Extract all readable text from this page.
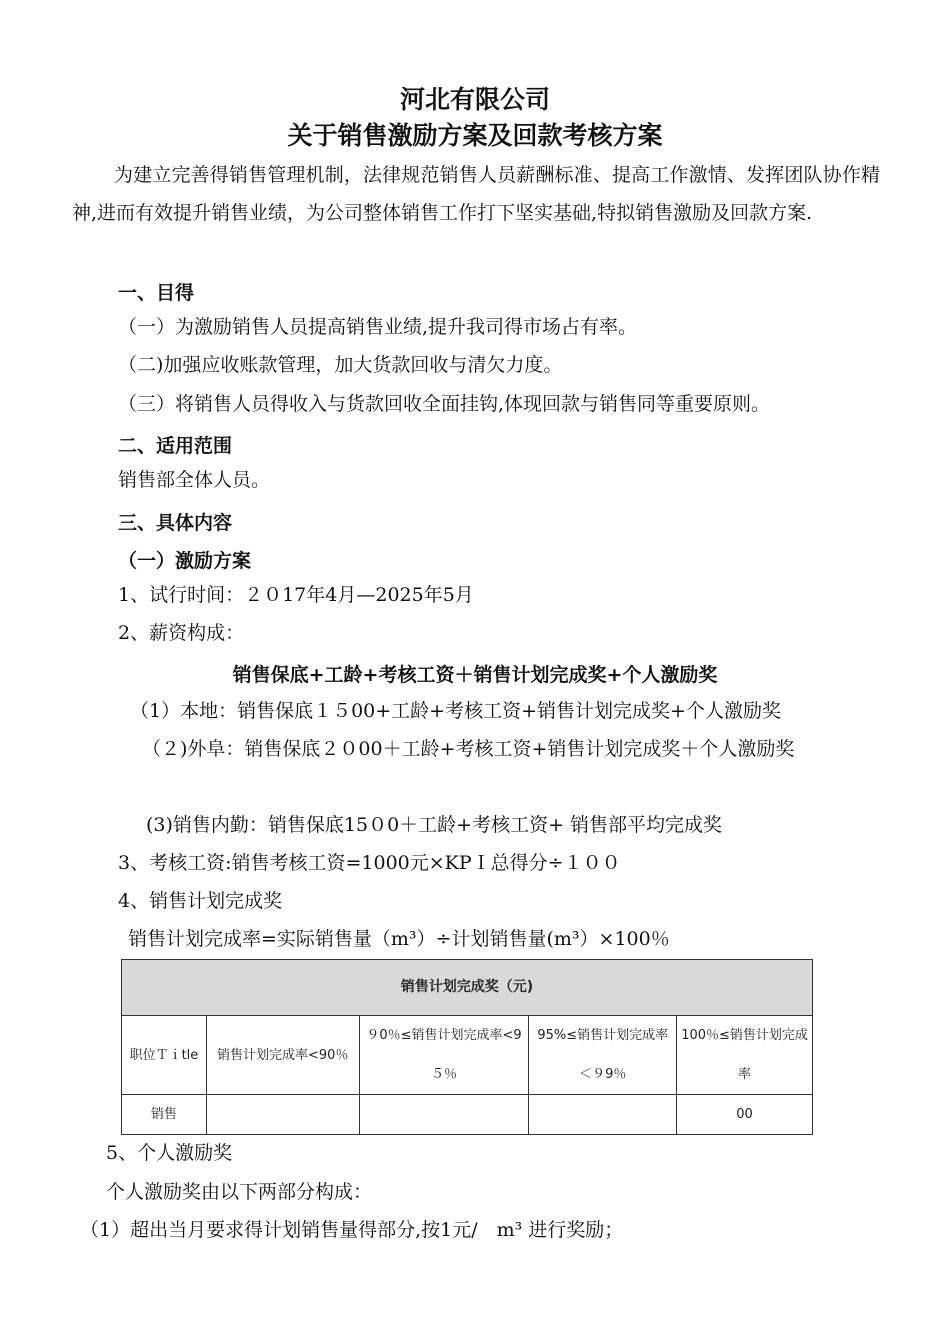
河北有限公司
关于销售激励方案及回款考核方案
为建立完善得销售管理机制，法律规范销售人员薪酬标准、提高工作激情、发挥团队协作精神,进而有效提升销售业绩，为公司整体销售工作打下坚实基础,特拟销售激励及回款方案.
一、目得
（一）为激励销售人员提高销售业绩,提升我司得市场占有率。
（二)加强应收账款管理，加大货款回收与清欠力度。
（三）将销售人员得收入与货款回收全面挂钩,体现回款与销售同等重要原则。
二、适用范围
销售部全体人员。
三、具体内容
（一）激励方案
1、试行时间：２０17年4月—2025年5月
2、薪资构成：
销售保底+工龄+考核工资＋销售计划完成奖+个人激励奖
（1）本地：销售保底１５00+工龄+考核工资+销售计划完成奖+个人激励奖
（２)外阜：销售保底２０00＋工龄+考核工资+销售计划完成奖＋个人激励奖
(3)销售内勤：销售保底15０0＋工龄+考核工资+ 销售部平均完成奖
3、考核工资:销售考核工资=1000元×KPＩ总得分÷１００
4、销售计划完成奖
销售计划完成率=实际销售量（m³）÷计划销售量(m³）×100％
销售计划完成奖（元)				
职位Ｔｉtle	销售计划完成率<90％	９0％≤销售计划完成率<9５％	95%≤销售计划完成率＜９9％	100％≤销售计划完成率
销售				00
5、个人激励奖
个人激励奖由以下两部分构成：
（1）超出当月要求得计划销售量得部分,按1元/　m³ 进行奖励；
